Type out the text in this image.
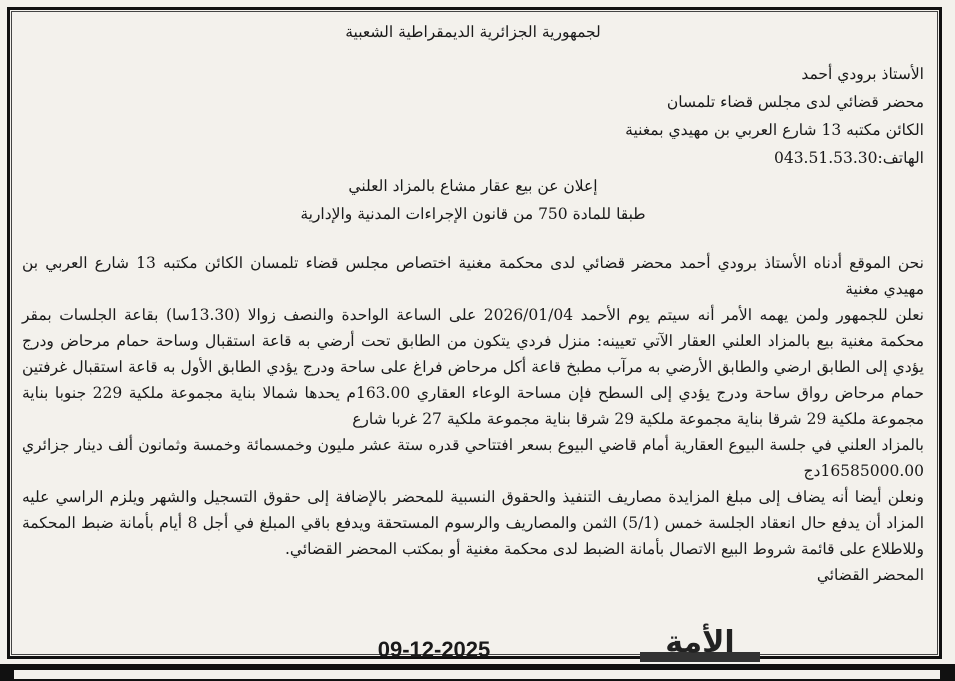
لجمهورية الجزائرية الديمقراطية الشعبية
الأستاذ برودي أحمد
محضر قضائي لدى مجلس قضاء تلمسان
الكائن مكتبه 13 شارع العربي بن مهيدي بمغنية
الهاتف:043.51.53.30
إعلان عن بيع عقار مشاع بالمزاد العلني
طبقا للمادة 750 من قانون الإجراءات المدنية والإدارية

نحن الموقع أدناه الأستاذ برودي أحمد محضر قضائي لدى محكمة مغنية اختصاص مجلس قضاء تلمسان الكائن مكتبه 13 شارع العربي بن مهيدي مغنية

نعلن للجمهور ولمن يهمه الأمر أنه سيتم يوم الأحمد 2026/01/04 على الساعة الواحدة والنصف زوالا (13.30سا) بقاعة الجلسات بمقر محكمة مغنية بيع بالمزاد العلني العقار الآتي تعيينه: منزل فردي يتكون من الطابق تحت أرضي به قاعة استقبال وساحة حمام مرحاض ودرج يؤدي إلى الطابق ارضي والطابق الأرضي به مرآب مطبخ قاعة أكل مرحاض فراغ على ساحة ودرج يؤدي الطابق الأول به قاعة استقبال غرفتين حمام مرحاض رواق ساحة ودرج يؤدي إلى السطح فإن مساحة الوعاء العقاري 163.00م يحدها شمالا بناية مجموعة ملكية 229 جنوبا بناية مجموعة ملكية 29 شرقا بناية مجموعة ملكية 29 شرقا بناية مجموعة ملكية 27 غربا شارع

بالمزاد العلني في جلسة البيوع العقارية أمام قاضي البيوع بسعر افتتاحي قدره ستة عشر مليون وخمسمائة وخمسة وثمانون ألف دينار جزائري 16585000.00دج

ونعلن أيضا أنه يضاف إلى مبلغ المزايدة مصاريف التنفيذ والحقوق النسبية للمحضر بالإضافة إلى حقوق التسجيل والشهر ويلزم الراسي عليه المزاد أن يدفع حال انعقاد الجلسة خمس (5/1) الثمن والمصاريف والرسوم المستحقة ويدفع باقي المبلغ في أجل 8 أيام بأمانة ضبط المحكمة وللاطلاع على قائمة شروط البيع الاتصال بأمانة الضبط لدى محكمة مغنية أو بمكتب المحضر القضائي.

المحضر القضائي

الأمة
09-12-2025
